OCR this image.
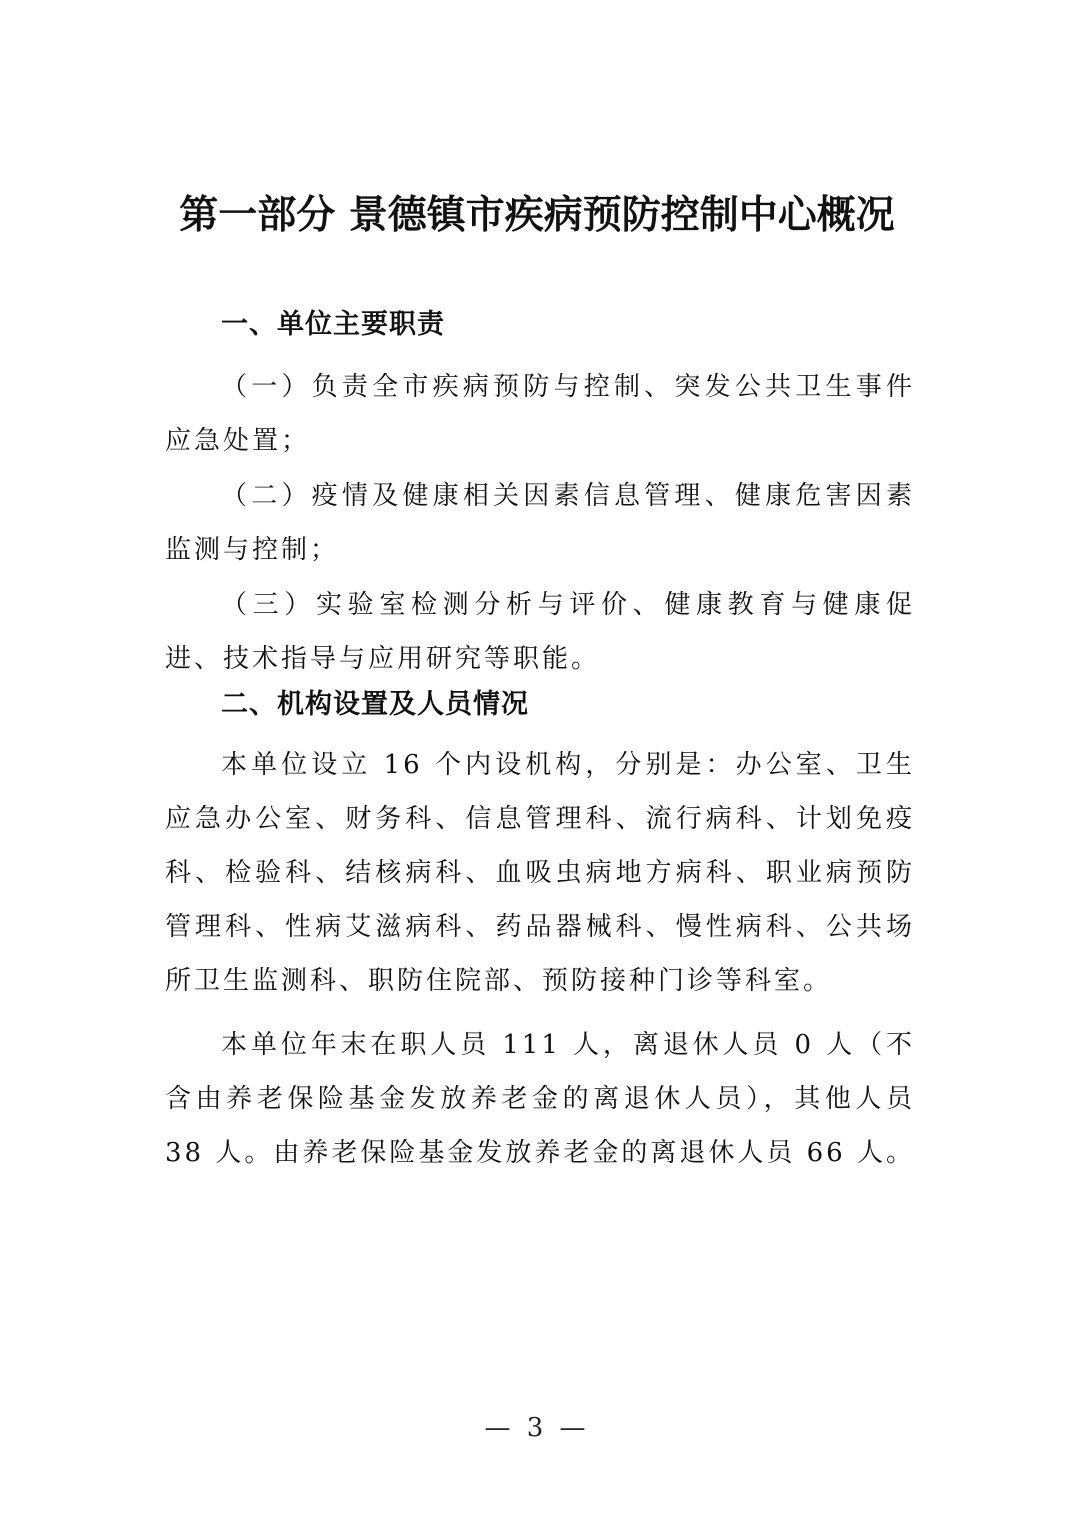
第一部分 景德镇市疾病预防控制中心概况
一、单位主要职责

（一）负责全市疾病预防与控制、突发公共卫生事件应急处置；

（二）疫情及健康相关因素信息管理、健康危害因素监测与控制；

（三）实验室检测分析与评价、健康教育与健康促进、技术指导与应用研究等职能。

二、机构设置及人员情况

本单位设立 16 个内设机构，分别是：办公室、卫生应急办公室、财务科、信息管理科、流行病科、计划免疫科、检验科、结核病科、血吸虫病地方病科、职业病预防管理科、性病艾滋病科、药品器械科、慢性病科、公共场所卫生监测科、职防住院部、预防接种门诊等科室。

本单位年末在职人员 111 人，离退休人员 0 人（不含由养老保险基金发放养老金的离退休人员），其他人员 38 人。由养老保险基金发放养老金的离退休人员 66 人。

— 3 —
